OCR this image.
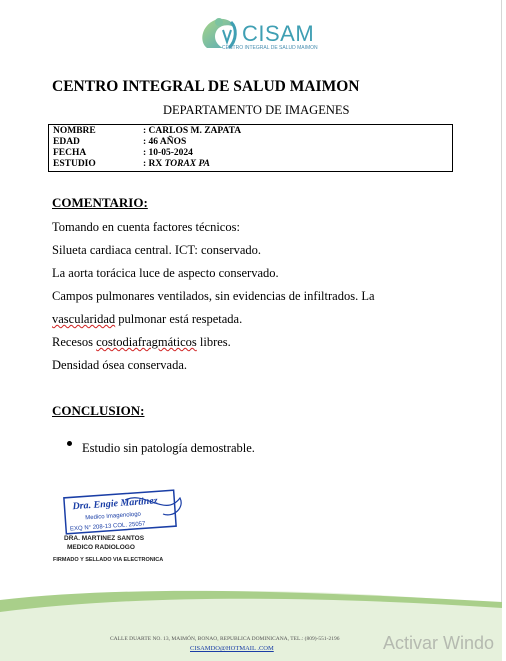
CISAM
CENTRO INTEGRAL DE SALUD MAIMON
CENTRO INTEGRAL DE SALUD MAIMON
DEPARTAMENTO DE IMAGENES
NOMBRE	: CARLOS M. ZAPATA
EDAD	: 46 AÑOS
FECHA	: 10-05-2024
ESTUDIO	: RX TORAX PA
COMENTARIO:
Tomando en cuenta factores técnicos:
Silueta cardiaca central. ICT: conservado.
La aorta torácica luce de aspecto conservado.
Campos pulmonares ventilados, sin evidencias de infiltrados. La
vascularidad pulmonar está respetada.
Recesos costodiafragmáticos libres.
Densidad ósea conservada.
CONCLUSION:
Estudio sin patología demostrable.
Dra. Engie Martinez
Medico Imagenologo
EXQ N° 208-13 COL. 25057
DRA. MARTINEZ SANTOS
MEDICO RADIOLOGO
FIRMADO Y SELLADO VIA ELECTRONICA
CALLE DUARTE NO. 13, MAIMÓN, BONAO, REPUBLICA DOMINICANA, TEL.: (809)-551-2196
CISAMDO@HOTMAIL .COM	Activar Windo
